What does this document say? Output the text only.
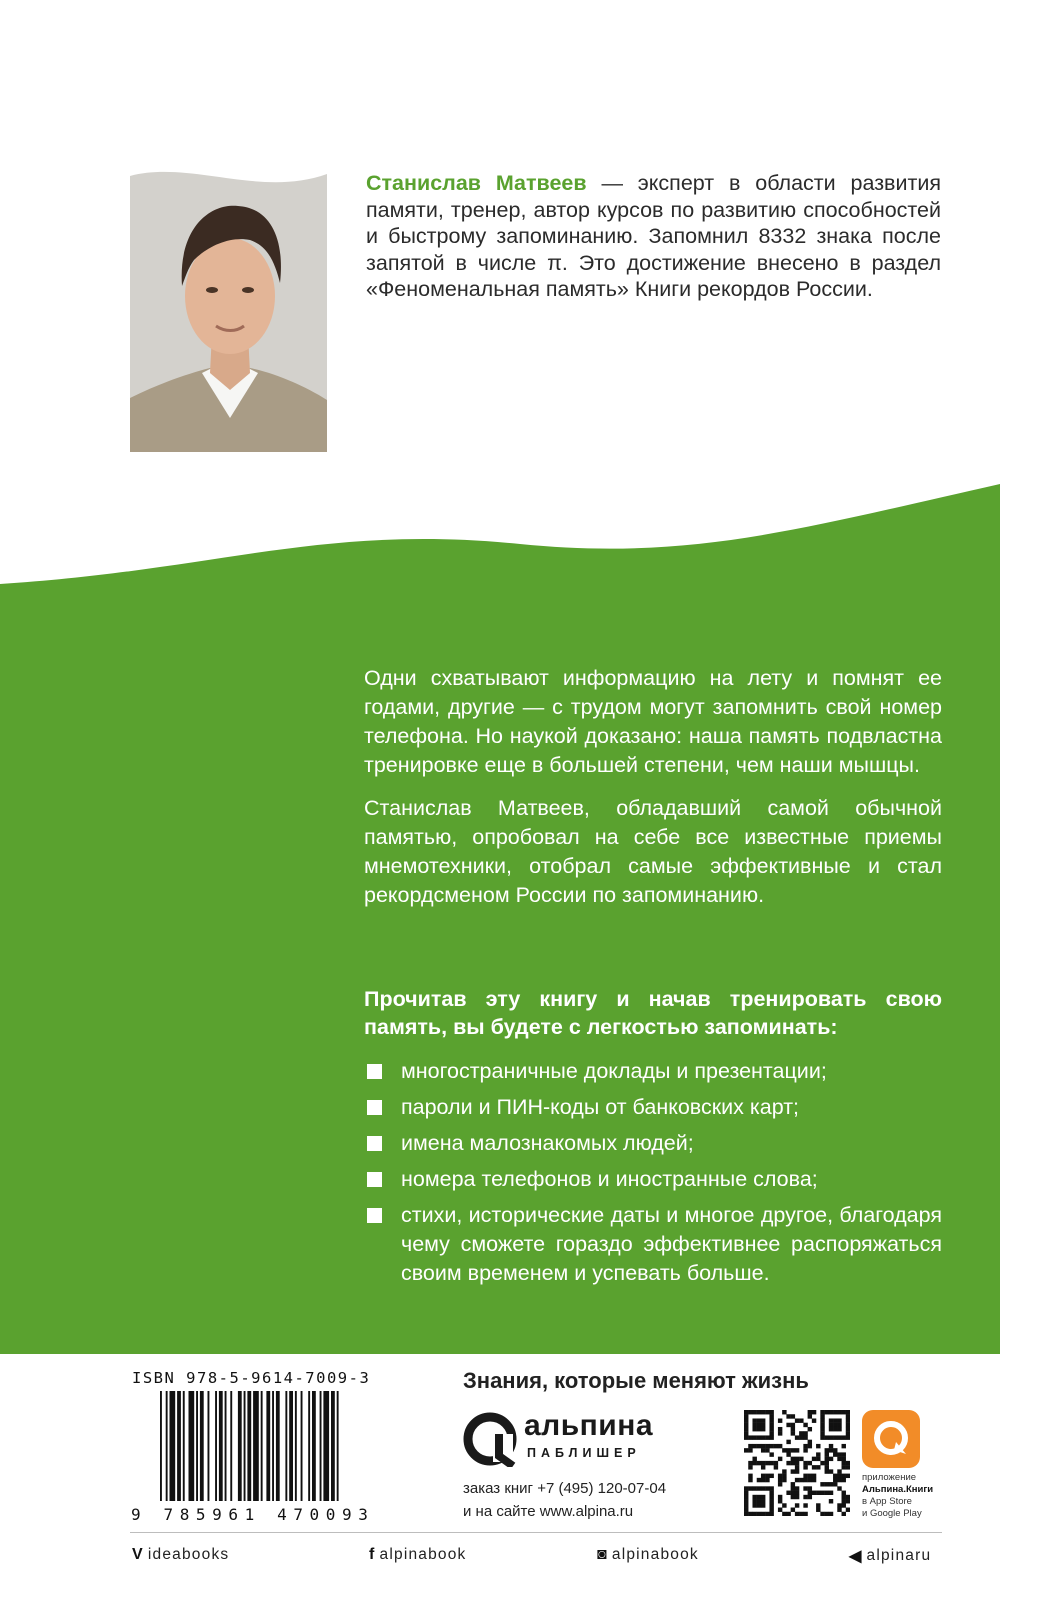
Станислав Матвеев — эксперт в области развития памяти, тренер, автор курсов по развитию способностей и быстрому запоминанию. Запомнил 8332 знака после запятой в числе π. Это достижение внесено в раздел «Феноменальная память» Книги рекордов России.

Одни схватывают информацию на лету и помнят ее годами, другие — с трудом могут запомнить свой номер телефона. Но наукой доказано: наша память подвластна тренировке еще в большей степени, чем наши мышцы.

Станислав Матвеев, обладавший самой обычной памятью, опробовал на себе все известные приемы мнемотехники, отобрал самые эффективные и стал рекордсменом России по запоминанию.

Прочитав эту книгу и начав тренировать свою память, вы будете с легкостью запоминать:
многостраничные доклады и презентации;
пароли и ПИН-коды от банковских карт;
имена малознакомых людей;
номера телефонов и иностранные слова;
стихи, исторические даты и многое другое, благодаря чему сможете гораздо эффективнее распоряжаться своим временем и успевать больше.
ISBN 978-5-9614-7009-3
9 785961 470093
Знания, которые меняют жизнь
альпина
ПАБЛИШЕР
заказ книг +7 (495) 120-07-04
и на сайте www.alpina.ru
приложение
Альпина.Книги
в App Store
и Google Play
V ideabooks	f alpinabook	◙ alpinabook	◀ alpinaru
